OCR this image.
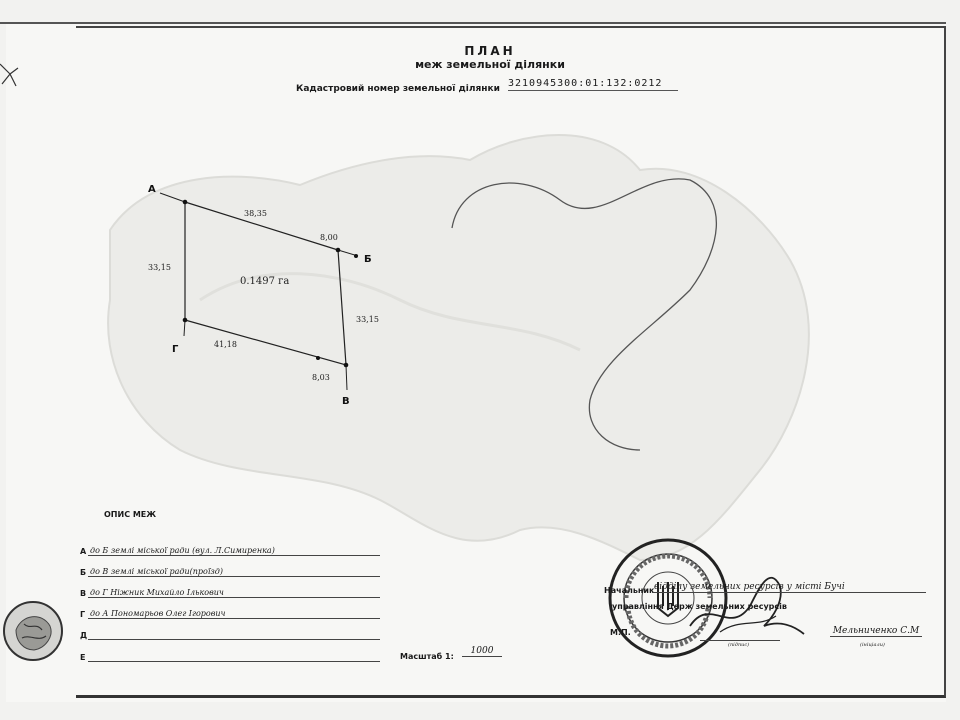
А
Б
В
Г
38,35
8,00
33,15
41,18
8,03
33,15
0.1497 га
ПЛАН
меж земельної ділянки
Кадастровий номер земельної ділянки 3210945300:01:132:0212
ОПИС МЕЖ
А до Б землі міської ради (вул. Л.Симиренка)
Б до В землі міської ради(проїзд)
В до Г Ніжник Михайло Ількович
Г до А Пономарьов Олег Ігорович
Д
Е	Масштаб 1:
1000
Начальник відділу земельних ресурсів у місті Бучі
управління Держ земельних ресурсів
М.П.
(підпис)
Мельниченко С.М
(ініціали)
